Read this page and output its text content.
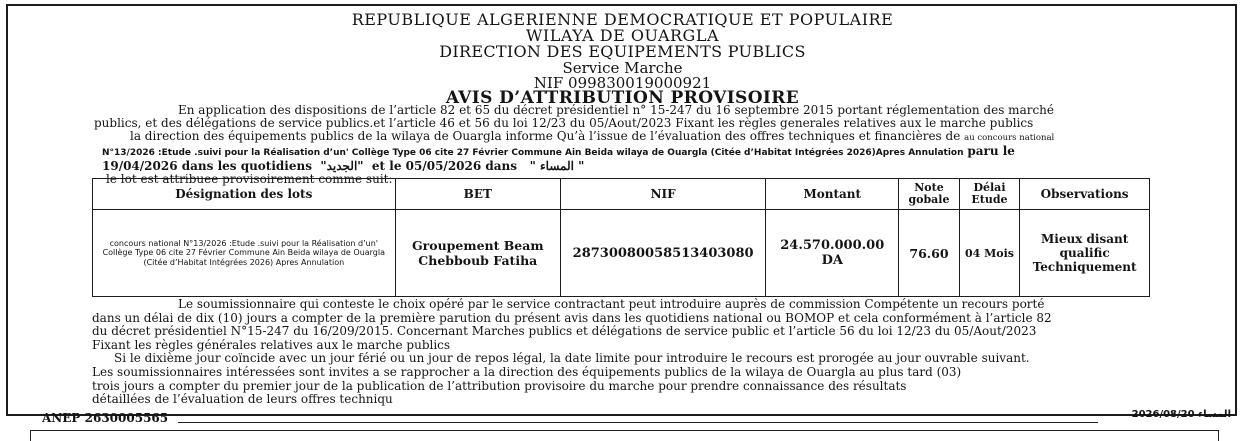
REPUBLIQUE ALGERIENNE DEMOCRATIQUE ET POPULAIRE
WILAYA DE OUARGLA
DIRECTION DES EQUIPEMENTS PUBLICS
Service Marche
NIF 099830019000921
AVIS D’ATTRIBUTION PROVISOIRE
En application des dispositions de l’article 82 et 65 du décret présidentiel n° 15-247 du 16 septembre 2015 portant réglementation des marché
publics, et des délégations de service publics.et l’article 46 et 56 du loi 12/23 du 05/Aout/2023 Fixant les règles generales relatives aux le marche publics
la direction des équipements publics de la wilaya de Ouargla informe Qu’à l’issue de l’évaluation des offres techniques et financières de au concours national
N°13/2026 :Etude .suivi pour la Réalisation d’un' Collège Type 06 cite 27 Février Commune Ain Beida wilaya de Ouargla (Citée d’Habitat Intégrées 2026)Apres Annulation paru le
19/04/2026 dans les quotidiens "الجديد" et le 05/05/2026 dans " المساء "
le lot est attribuee provisoirement comme suit:
Désignation des lots	BET	NIF	Montant	Note gobale	Délai Etude	Observations
concours national N°13/2026 :Etude .suivi pour la Réalisation d’un' Collège Type 06 cite 27 Février Commune Ain Beida wilaya de Ouargla (Citée d’Habitat Intégrées 2026) Apres Annulation	Groupement Beam Chebboub Fatiha	28730080058513403080	24.570.000.00 DA	76.60	04 Mois	Mieux disant qualific Techniquement
Le soumissionnaire qui conteste le choix opéré par le service contractant peut introduire auprès de commission Compétente un recours porté
dans un délai de dix (10) jours a compter de la première parution du présent avis dans les quotidiens national ou BOMOP et cela conformément à l’article 82
du décret présidentiel N°15-247 du 16/209/2015. Concernant Marches publics et délégations de service public et l’article 56 du loi 12/23 du 05/Aout/2023
Fixant les règles générales relatives aux le marche publics
Si le dixième jour coïncide avec un jour férié ou un jour de repos légal, la date limite pour introduire le recours est prorogée au jour ouvrable suivant.
Les soumissionnaires intéressées sont invites a se rapprocher a la direction des équipements publics de la wilaya de Ouargla au plus tard (03)
trois jours a compter du premier jour de la publication de l’attribution provisoire du marche pour prendre connaissance des résultats
détaillées de l’évaluation de leurs offres techniqu
ANEP 2630005565	2026/08/20 المساء
